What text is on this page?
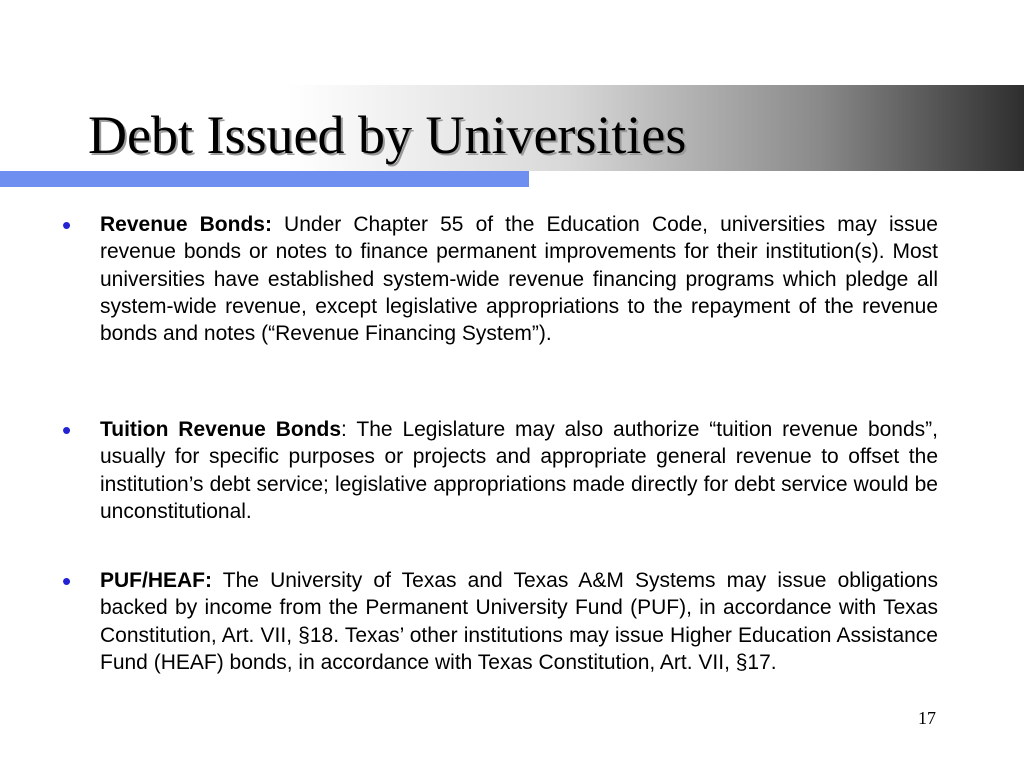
Debt Issued by Universities
• Revenue Bonds: Under Chapter 55 of the Education Code, universities may issue revenue bonds or notes to finance permanent improvements for their institution(s). Most universities have established system-wide revenue financing programs which pledge all system-wide revenue, except legislative appropriations to the repayment of the revenue bonds and notes (“Revenue Financing System”).

• Tuition Revenue Bonds: The Legislature may also authorize “tuition revenue bonds”, usually for specific purposes or projects and appropriate general revenue to offset the institution’s debt service; legislative appropriations made directly for debt service would be unconstitutional.

• PUF/HEAF: The University of Texas and Texas A&M Systems may issue obligations backed by income from the Permanent University Fund (PUF), in accordance with Texas Constitution, Art. VII, §18. Texas’ other institutions may issue Higher Education Assistance Fund (HEAF) bonds, in accordance with Texas Constitution, Art. VII, §17.

17
